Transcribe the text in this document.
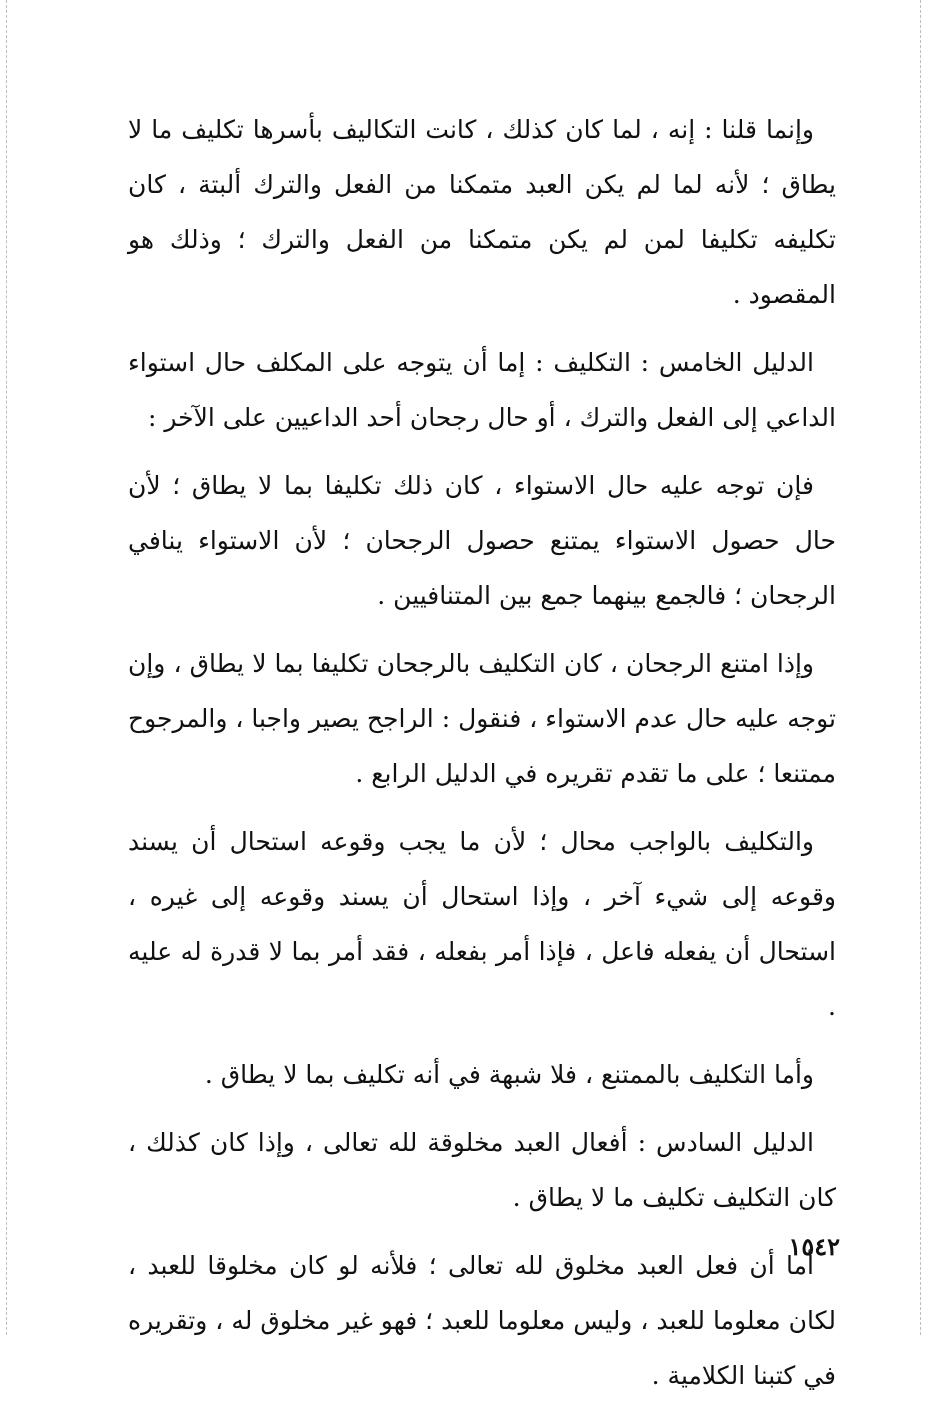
وإنما قلنا : إنه ، لما كان كذلك ، كانت التكاليف بأسرها تكليف ما لا يطاق ؛ لأنه لما لم يكن العبد متمكنا من الفعل والترك ألبتة ، كان تكليفه تكليفا لمن لم يكن متمكنا من الفعل والترك ؛ وذلك هو المقصود .

الدليل الخامس : التكليف : إما أن يتوجه على المكلف حال استواء الداعي إلى الفعل والترك ، أو حال رجحان أحد الداعيين على الآخر :

فإن توجه عليه حال الاستواء ، كان ذلك تكليفا بما لا يطاق ؛ لأن حال حصول الاستواء يمتنع حصول الرجحان ؛ لأن الاستواء ينافي الرجحان ؛ فالجمع بينهما جمع بين المتنافيين .

وإذا امتنع الرجحان ، كان التكليف بالرجحان تكليفا بما لا يطاق ، وإن توجه عليه حال عدم الاستواء ، فنقول : الراجح يصير واجبا ، والمرجوح ممتنعا ؛ على ما تقدم تقريره في الدليل الرابع .

والتكليف بالواجب محال ؛ لأن ما يجب وقوعه استحال أن يسند وقوعه إلى شيء آخر ، وإذا استحال أن يسند وقوعه إلى غيره ، استحال أن يفعله فاعل ، فإذا أمر بفعله ، فقد أمر بما لا قدرة له عليه .

وأما التكليف بالممتنع ، فلا شبهة في أنه تكليف بما لا يطاق .

الدليل السادس : أفعال العبد مخلوقة لله تعالى ، وإذا كان كذلك ، كان التكليف تكليف ما لا يطاق .

أما أن فعل العبد مخلوق لله تعالى ؛ فلأنه لو كان مخلوقا للعبد ، لكان معلوما للعبد ، وليس معلوما للعبد ؛ فهو غير مخلوق له ، وتقريره في كتبنا الكلامية .

١٥٤٢
